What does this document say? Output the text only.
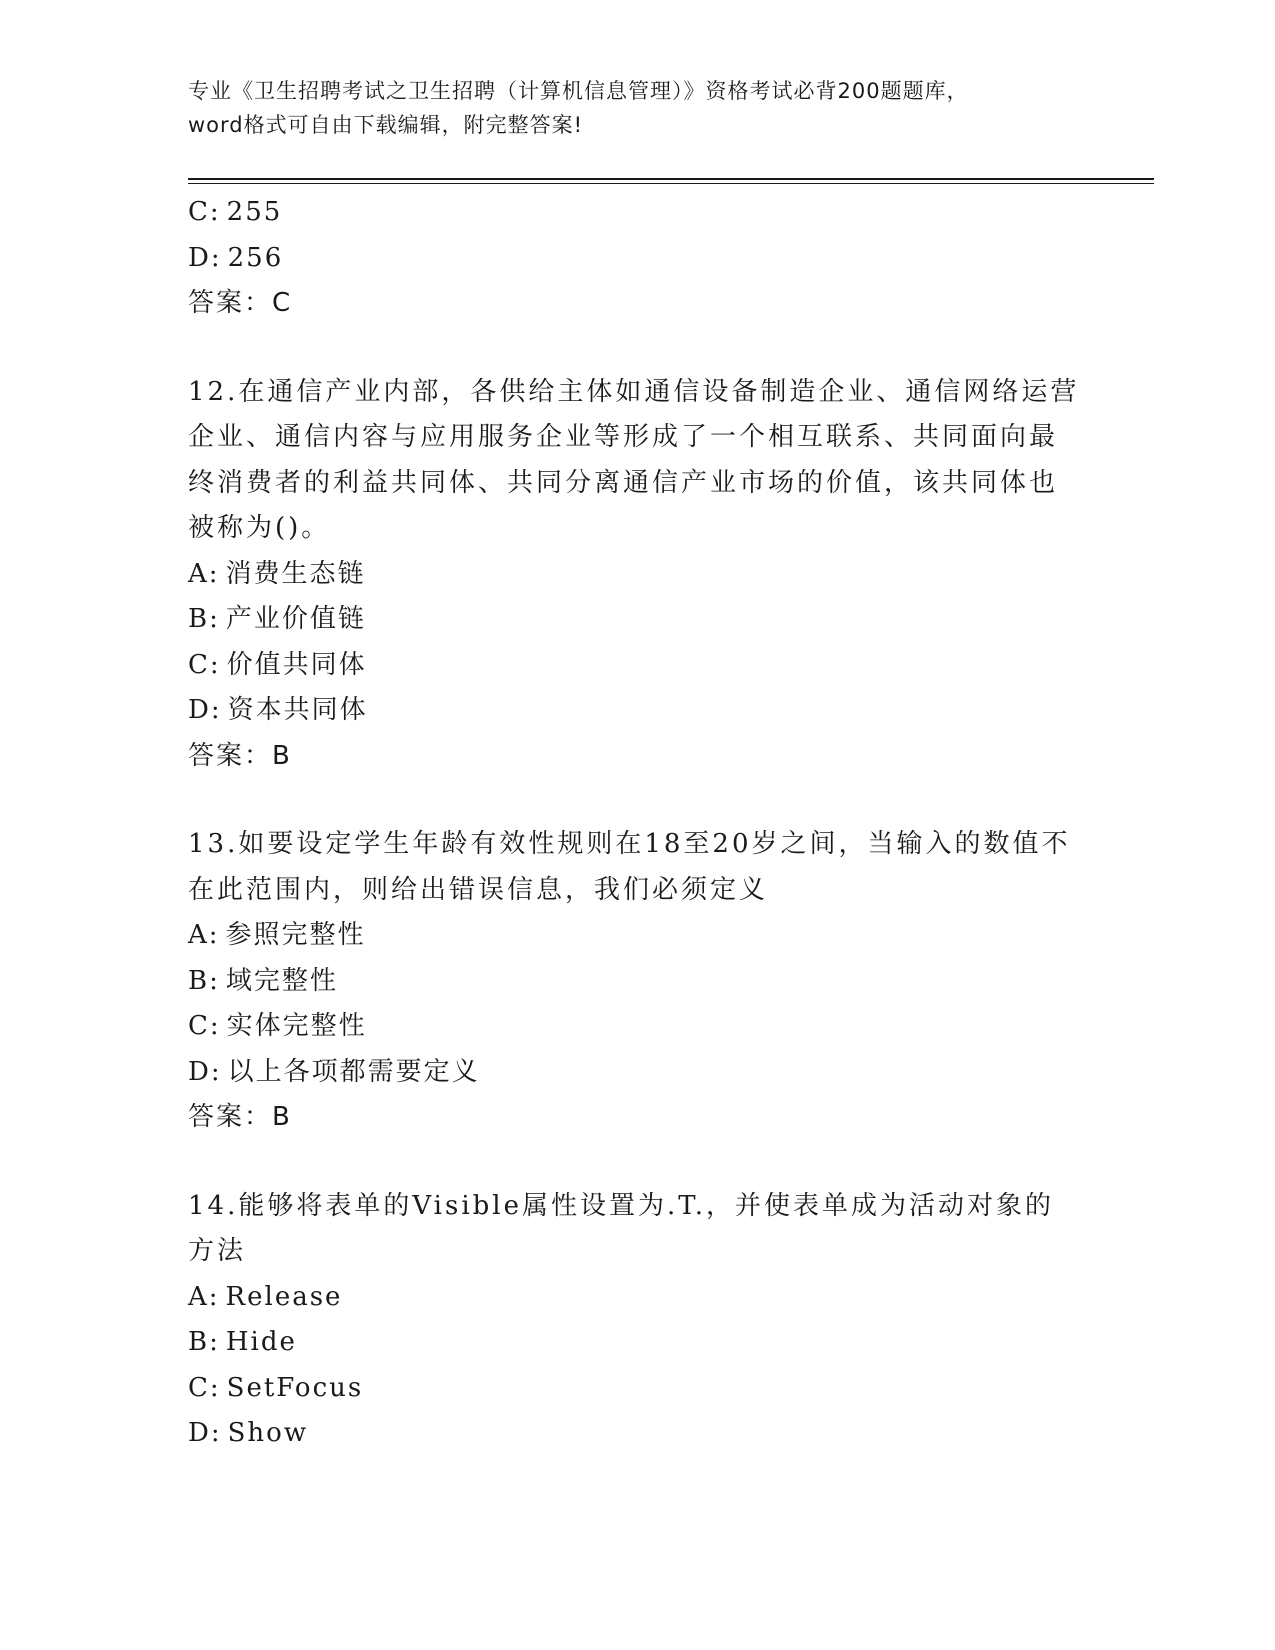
专业《卫生招聘考试之卫生招聘（计算机信息管理）》资格考试必背200题题库，
word格式可自由下载编辑，附完整答案!
C: 255
D: 256
答案：C
12.在通信产业内部，各供给主体如通信设备制造企业、通信网络运营
企业、通信内容与应用服务企业等形成了一个相互联系、共同面向最
终消费者的利益共同体、共同分离通信产业市场的价值，该共同体也
被称为()。
A: 消费生态链
B: 产业价值链
C: 价值共同体
D: 资本共同体
答案：B
13.如要设定学生年龄有效性规则在18至20岁之间，当输入的数值不
在此范围内，则给出错误信息，我们必须定义
A: 参照完整性
B: 域完整性
C: 实体完整性
D: 以上各项都需要定义
答案：B
14.能够将表单的Visible属性设置为.T.，并使表单成为活动对象的
方法
A: Release
B: Hide
C: SetFocus
D: Show
